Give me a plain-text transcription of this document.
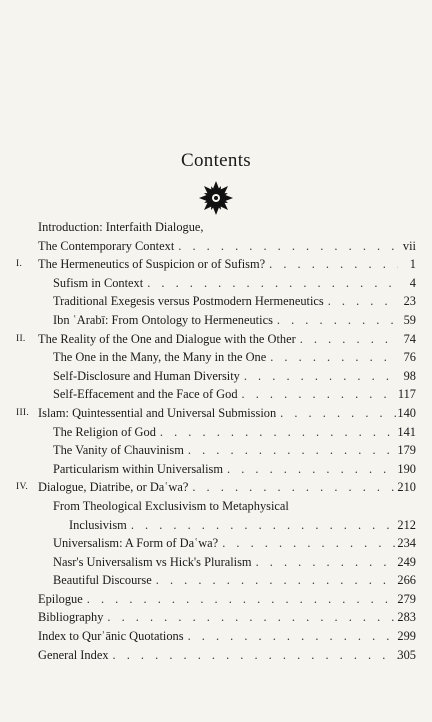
Contents
Introduction: Interfaith Dialogue,
The Contemporary Context . . .	vii
I.	The Hermeneutics of Suspicion or of Sufism? . . .	1
Sufism in Context . . .	4
Traditional Exegesis versus Postmodern Hermeneutics . . .	23
Ibn ʿArabī: From Ontology to Hermeneutics . . .	59
II. The Reality of the One and Dialogue with the Other . . .	74
The One in the Many, the Many in the One . . .	76
Self-Disclosure and Human Diversity . . .	98
Self-Effacement and the Face of God . . .	117
III. Islam: Quintessential and Universal Submission . . .	140
The Religion of God . . .	141
The Vanity of Chauvinism . . .	179
Particularism within Universalism . . .	190
IV. Dialogue, Diatribe, or Daʿwa? . . .	210
From Theological Exclusivism to Metaphysical
Inclusivism . . .	212
Universalism: A Form of Daʿwa? . . .	234
Nasr's Universalism vs Hick's Pluralism . . .	249
Beautiful Discourse . . .	266
Epilogue . . .	279
Bibliography . . .	283
Index to Qurʾānic Quotations . . .	299
General Index . . .	305
